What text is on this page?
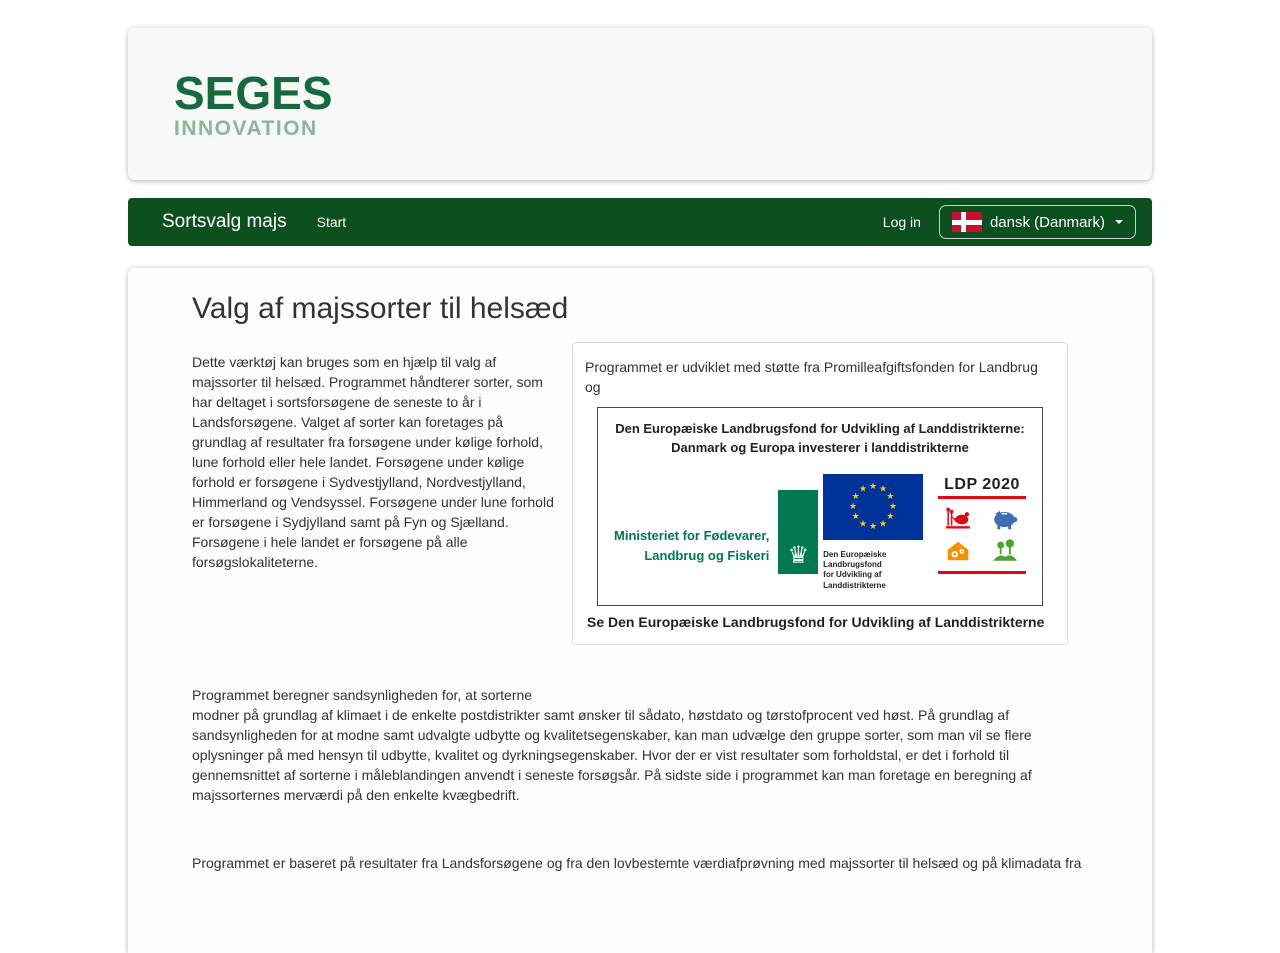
SEGES
INNOVATION
Sortsvalg majs Start	Log in	dansk (Danmark)
Valg af majssorter til helsæd

Dette værktøj kan bruges som en hjælp til valg af majssorter til helsæd. Programmet håndterer sorter, som har deltaget i sortsforsøgene de seneste to år i Landsforsøgene. Valget af sorter kan foretages på grundlag af resultater fra forsøgene under kølige forhold, lune forhold eller hele landet. Forsøgene under kølige forhold er forsøgene i Sydvestjylland, Nordvestjylland, Himmerland og Vendsyssel. Forsøgene under lune forhold er forsøgene i Sydjylland samt på Fyn og Sjælland. Forsøgene i hele landet er forsøgene på alle forsøgslokaliteterne.

Programmet er udviklet med støtte fra Promilleafgiftsfonden for Landbrug og

Den Europæiske Landbrugsfond for Udvikling af Landdistrikterne:
Danmark og Europa investerer i landdistrikterne
Ministeriet for Fødevarer,
Landbrug og Fiskeri ♛
★ ★
★
★
★
★
★
★
★
★
★
★
Den Europæiske Landbrugsfond
for Udvikling af Landdistrikterne
LDP 2020
Se Den Europæiske Landbrugsfond for Udvikling af Landdistrikterne

Programmet beregner sandsynligheden for, at sorterne
modner på grundlag af klimaet i de enkelte postdistrikter samt ønsker til sådato, høstdato og tørstofprocent ved høst. På grundlag af sandsynligheden for at modne samt udvalgte udbytte og kvalitetsegenskaber, kan man udvælge den gruppe sorter, som man vil se flere oplysninger på med hensyn til udbytte, kvalitet og dyrkningsegenskaber. Hvor der er vist resultater som forholdstal, er det i forhold til gennemsnittet af sorterne i måleblandingen anvendt i seneste forsøgsår. På sidste side i programmet kan man foretage en beregning af majssorternes merværdi på den enkelte kvægbedrift.

Programmet er baseret på resultater fra Landsforsøgene og fra den lovbestemte værdiafprøvning med majssorter til helsæd og på klimadata fra
